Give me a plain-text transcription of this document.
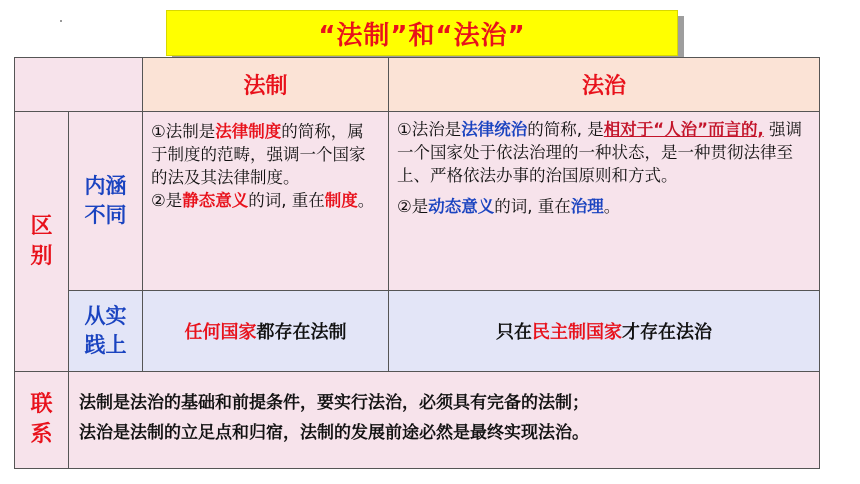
“法制”和“法治”
法制	法治
区
别
内涵
不同
①法制是法律制度的简称，属于制度的范畴，强调一个国家的法及其法律制度。
②是静态意义的词, 重在制度。
①法治是法律统治的简称, 是相对于“人治”而言的, 强调一个国家处于依法治理的一种状态，是一种贯彻法律至上、严格依法办事的治国原则和方式。
②是动态意义的词, 重在治理。
从实
践上
任何国家 都存在法制	只在 民主制国家 才存在法治
联
系
法制是法治的基础和前提条件，要实行法治，必须具有完备的法制；
法治是法制的立足点和归宿，法制的发展前途必然是最终实现法治。
